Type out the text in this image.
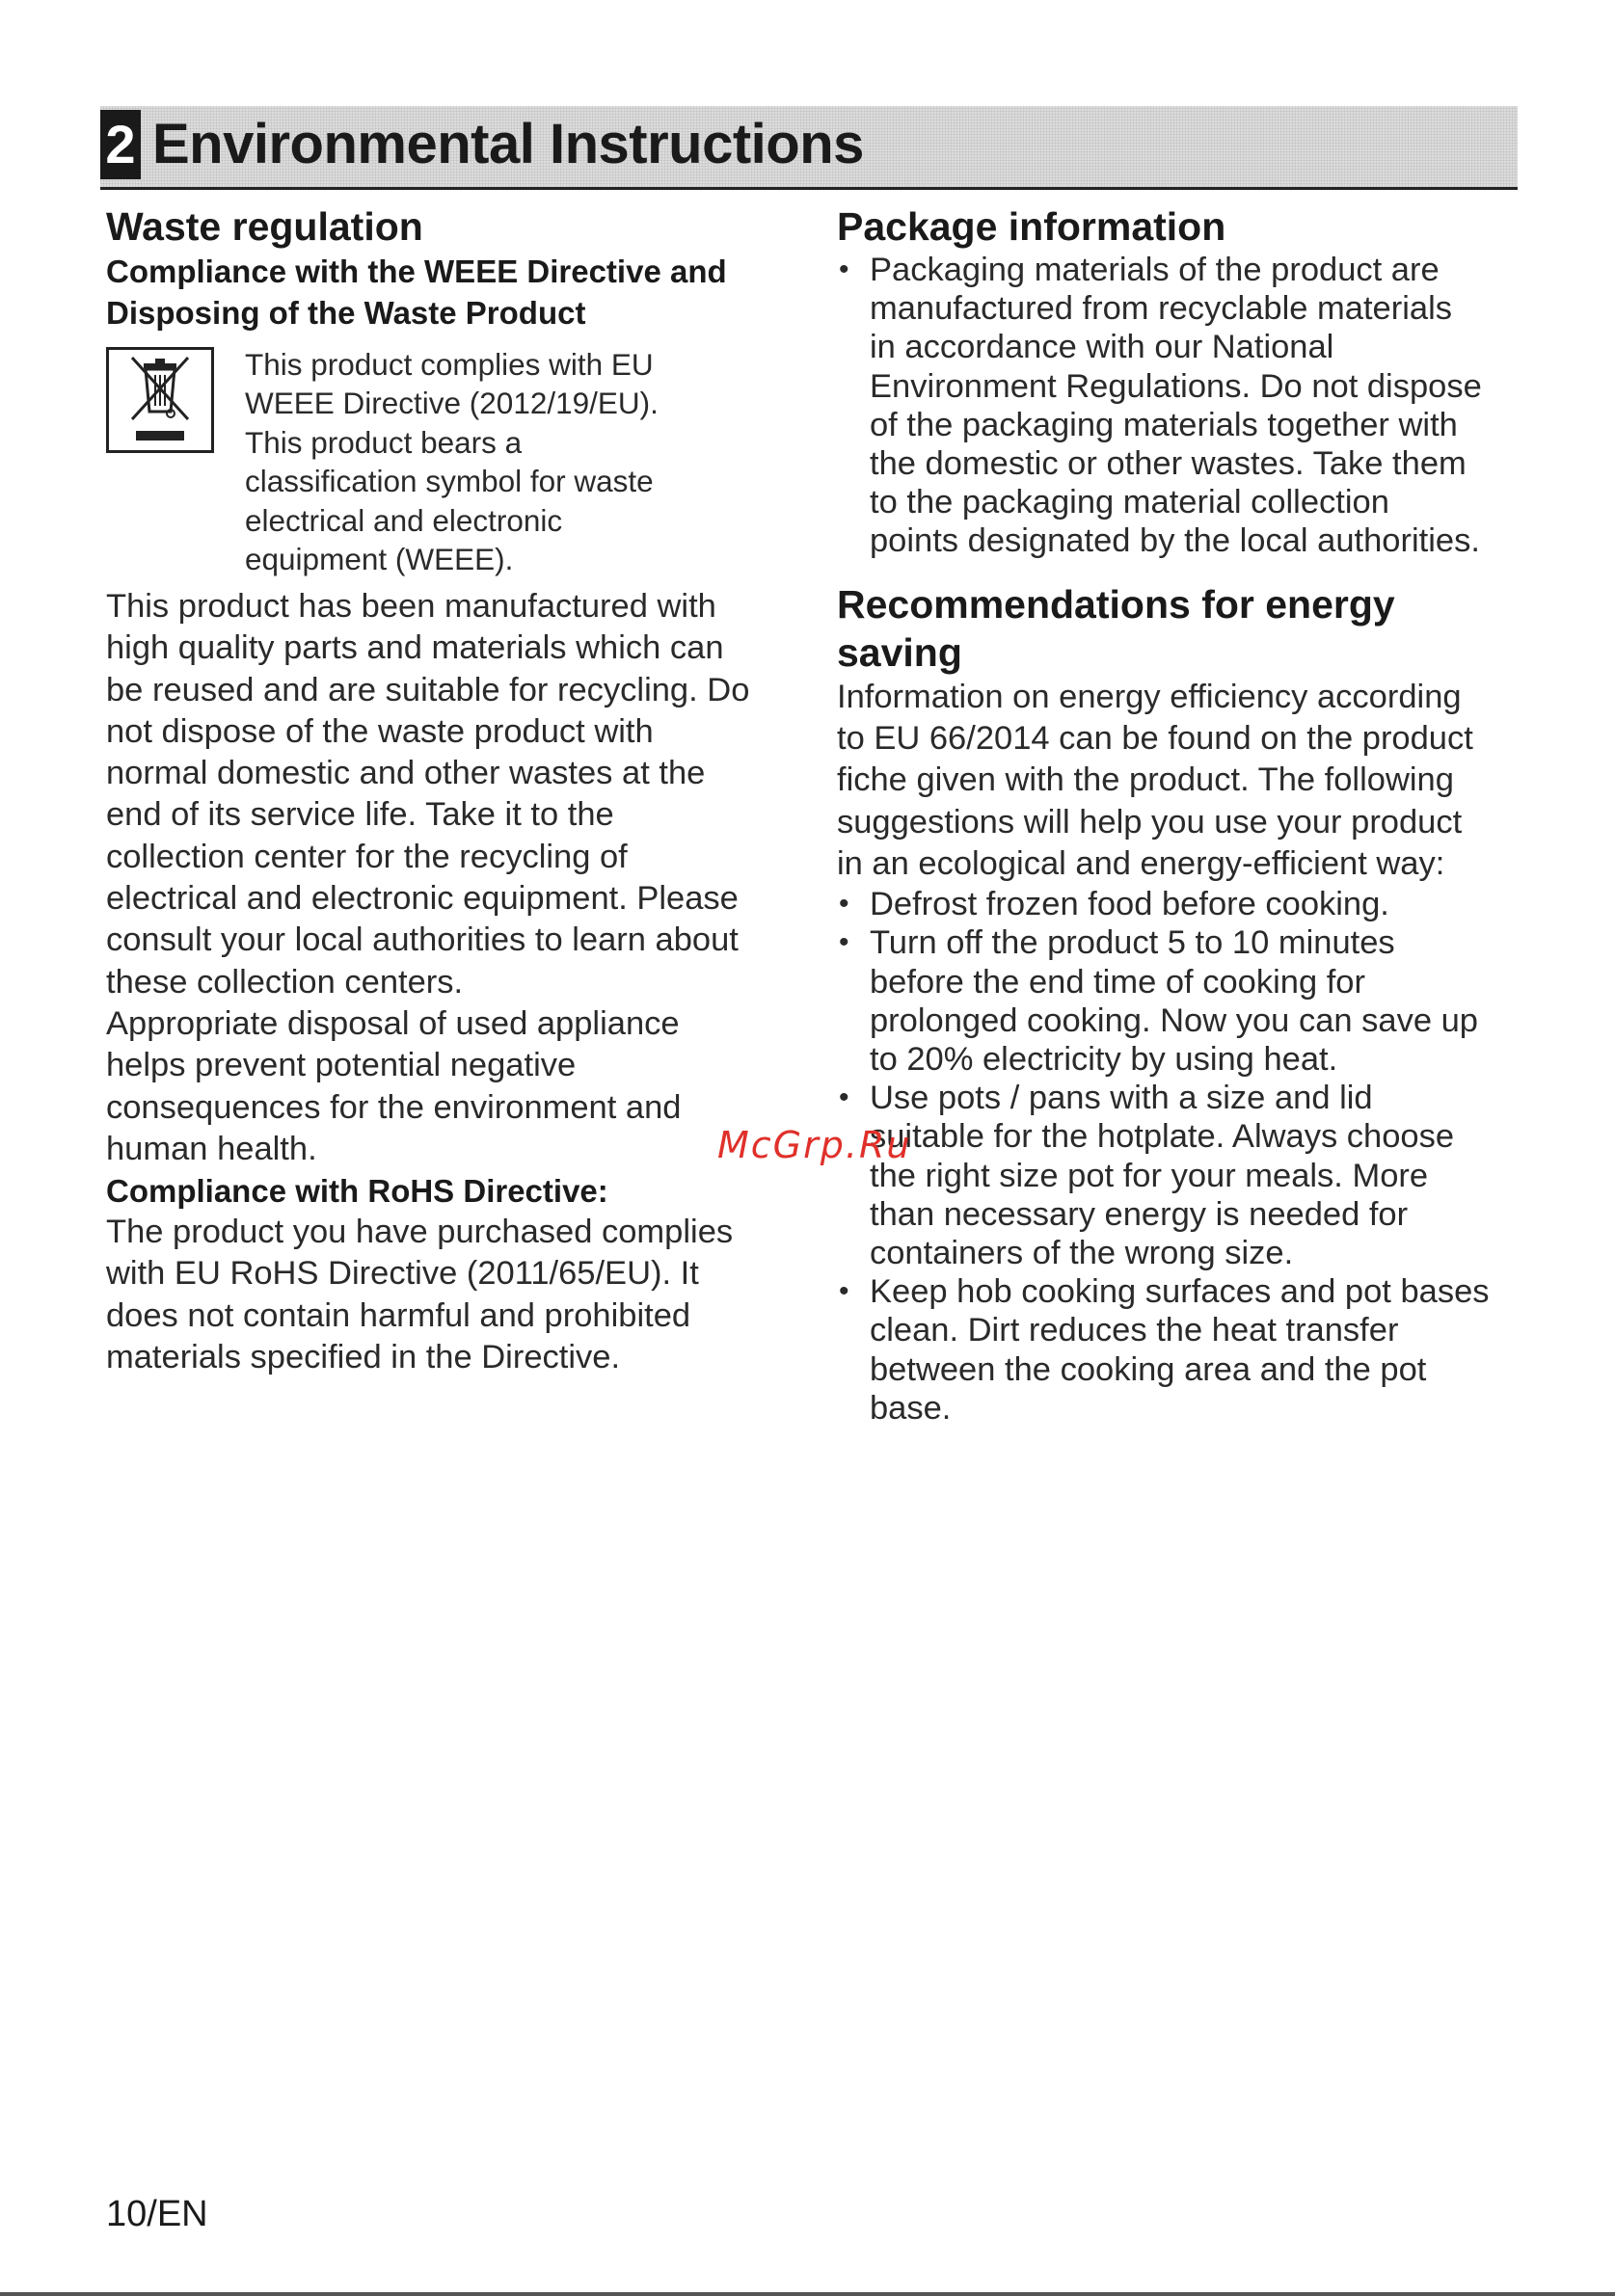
2 Environmental Instructions
Waste regulation
Compliance with the WEEE Directive and
Disposing of the Waste Product
This product complies with EU
WEEE Directive (2012/19/EU).
This product bears a
classification symbol for waste
electrical and electronic
equipment (WEEE).
This product has been manufactured with
high quality parts and materials which can
be reused and are suitable for recycling. Do
not dispose of the waste product with
normal domestic and other wastes at the
end of its service life. Take it to the
collection center for the recycling of
electrical and electronic equipment. Please
consult your local authorities to learn about
these collection centers.
Appropriate disposal of used appliance
helps prevent potential negative
consequences for the environment and
human health.
Compliance with RoHS Directive:
The product you have purchased complies
with EU RoHS Directive (2011/65/EU). It
does not contain harmful and prohibited
materials specified in the Directive.
Package information
• Packaging materials of the product are
manufactured from recyclable materials
in accordance with our National
Environment Regulations. Do not dispose
of the packaging materials together with
the domestic or other wastes. Take them
to the packaging material collection
points designated by the local authorities.
Recommendations for energy
saving
Information on energy efficiency according
to EU 66/2014 can be found on the product
fiche given with the product. The following
suggestions will help you use your product
in an ecological and energy-efficient way:
• Defrost frozen food before cooking.
• Turn off the product 5 to 10 minutes
before the end time of cooking for
prolonged cooking. Now you can save up
to 20% electricity by using heat.
• Use pots / pans with a size and lid
suitable for the hotplate. Always choose
the right size pot for your meals. More
than necessary energy is needed for
containers of the wrong size.
• Keep hob cooking surfaces and pot bases
clean. Dirt reduces the heat transfer
between the cooking area and the pot
base.
McGrp.Ru
10/EN
